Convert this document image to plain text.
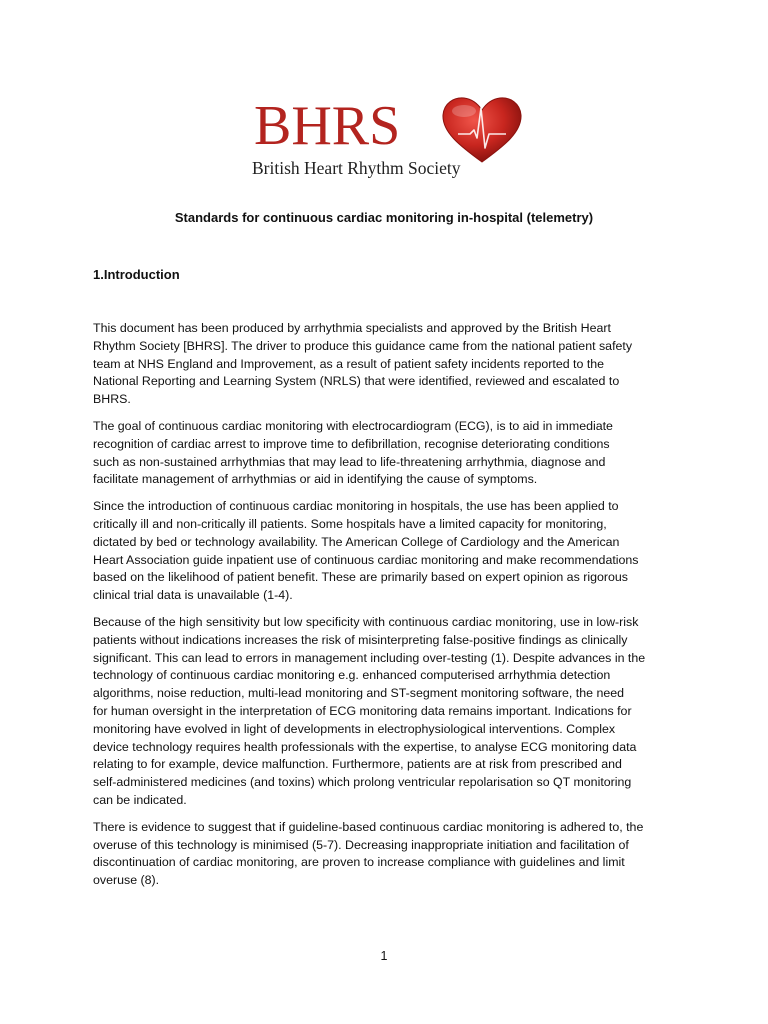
BHRS
British Heart Rhythm Society
Standards for continuous cardiac monitoring in-hospital (telemetry)
1.Introduction

This document has been produced by arrhythmia specialists and approved by the British Heart
Rhythm Society [BHRS]. The driver to produce this guidance came from the national patient safety
team at NHS England and Improvement, as a result of patient safety incidents reported to the
National Reporting and Learning System (NRLS) that were identified, reviewed and escalated to
BHRS.

The goal of continuous cardiac monitoring with electrocardiogram (ECG), is to aid in immediate
recognition of cardiac arrest to improve time to defibrillation, recognise deteriorating conditions
such as non-sustained arrhythmias that may lead to life-threatening arrhythmia, diagnose and
facilitate management of arrhythmias or aid in identifying the cause of symptoms.

Since the introduction of continuous cardiac monitoring in hospitals, the use has been applied to
critically ill and non-critically ill patients. Some hospitals have a limited capacity for monitoring,
dictated by bed or technology availability. The American College of Cardiology and the American
Heart Association guide inpatient use of continuous cardiac monitoring and make recommendations
based on the likelihood of patient benefit. These are primarily based on expert opinion as rigorous
clinical trial data is unavailable (1-4).

Because of the high sensitivity but low specificity with continuous cardiac monitoring, use in low-risk
patients without indications increases the risk of misinterpreting false-positive findings as clinically
significant. This can lead to errors in management including over-testing (1). Despite advances in the
technology of continuous cardiac monitoring e.g. enhanced computerised arrhythmia detection
algorithms, noise reduction, multi-lead monitoring and ST-segment monitoring software, the need
for human oversight in the interpretation of ECG monitoring data remains important. Indications for
monitoring have evolved in light of developments in electrophysiological interventions. Complex
device technology requires health professionals with the expertise, to analyse ECG monitoring data
relating to for example, device malfunction. Furthermore, patients are at risk from prescribed and
self-administered medicines (and toxins) which prolong ventricular repolarisation so QT monitoring
can be indicated.

There is evidence to suggest that if guideline-based continuous cardiac monitoring is adhered to, the
overuse of this technology is minimised (5-7). Decreasing inappropriate initiation and facilitation of
discontinuation of cardiac monitoring, are proven to increase compliance with guidelines and limit
overuse (8).

1
